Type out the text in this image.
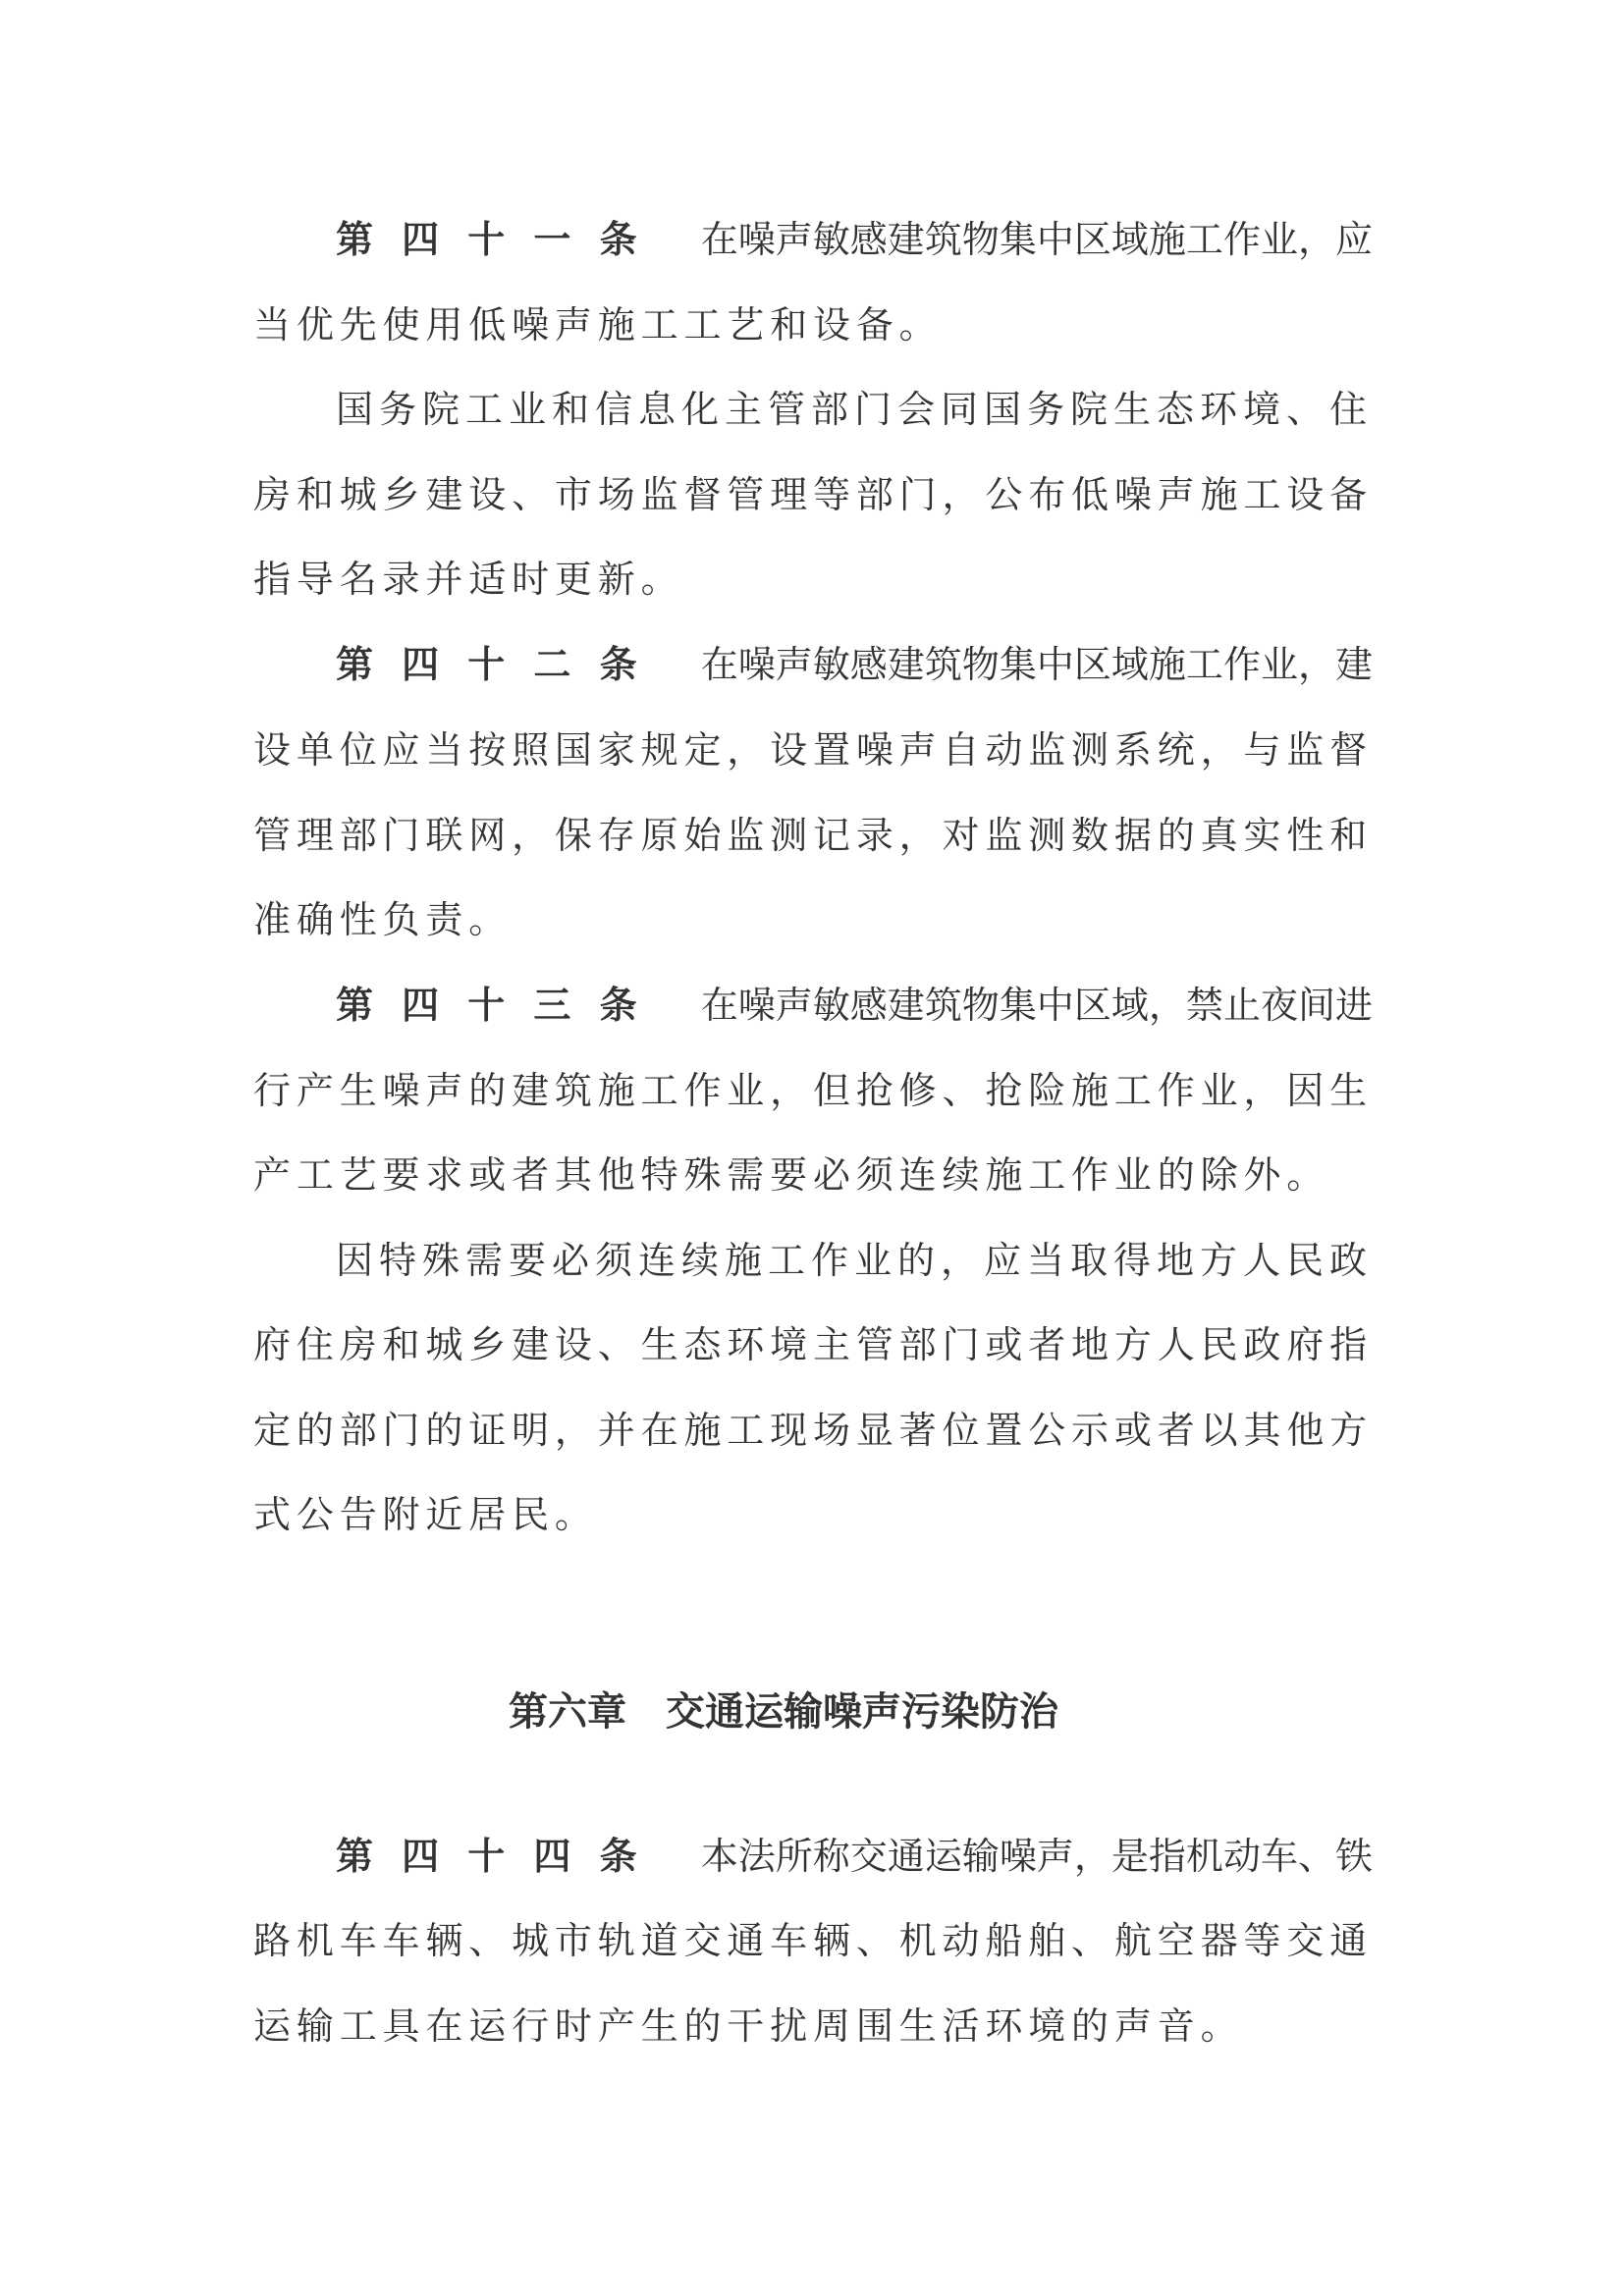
第四十一条 在噪声敏感建筑物集中区域施工作业，应
当 优 先 使 用 低 噪 声 施 工 工 艺 和 设 备 。
国 务 院 工 业 和 信 息 化 主 管 部 门 会 同 国 务 院 生 态 环 境 、 住
房 和 城 乡 建 设 、 市 场 监 督 管 理 等 部 门 ， 公 布 低 噪 声 施 工 设 备
指 导 名 录 并 适 时 更 新 。
第四十二条 在噪声敏感建筑物集中区域施工作业，建
设 单 位 应 当 按 照 国 家 规 定 ， 设 置 噪 声 自 动 监 测 系 统 ， 与 监 督
管 理 部 门 联 网 ， 保 存 原 始 监 测 记 录 ， 对 监 测 数 据 的 真 实 性 和
准 确 性 负 责 。
第四十三条 在噪声敏感建筑物集中区域，禁止夜间进
行 产 生 噪 声 的 建 筑 施 工 作 业 ， 但 抢 修 、 抢 险 施 工 作 业 ， 因 生
产 工 艺 要 求 或 者 其 他 特 殊 需 要 必 须 连 续 施 工 作 业 的 除 外 。
因 特 殊 需 要 必 须 连 续 施 工 作 业 的 ， 应 当 取 得 地 方 人 民 政
府 住 房 和 城 乡 建 设 、 生 态 环 境 主 管 部 门 或 者 地 方 人 民 政 府 指
定 的 部 门 的 证 明 ， 并 在 施 工 现 场 显 著 位 置 公 示 或 者 以 其 他 方
式 公 告 附 近 居 民 。
第六章 交通运输噪声污染防治
第四十四条 本法所称交通运输噪声，是指机动车、铁
路 机 车 车 辆 、 城 市 轨 道 交 通 车 辆 、 机 动 船 舶 、 航 空 器 等 交 通
运 输 工 具 在 运 行 时 产 生 的 干 扰 周 围 生 活 环 境 的 声 音 。
